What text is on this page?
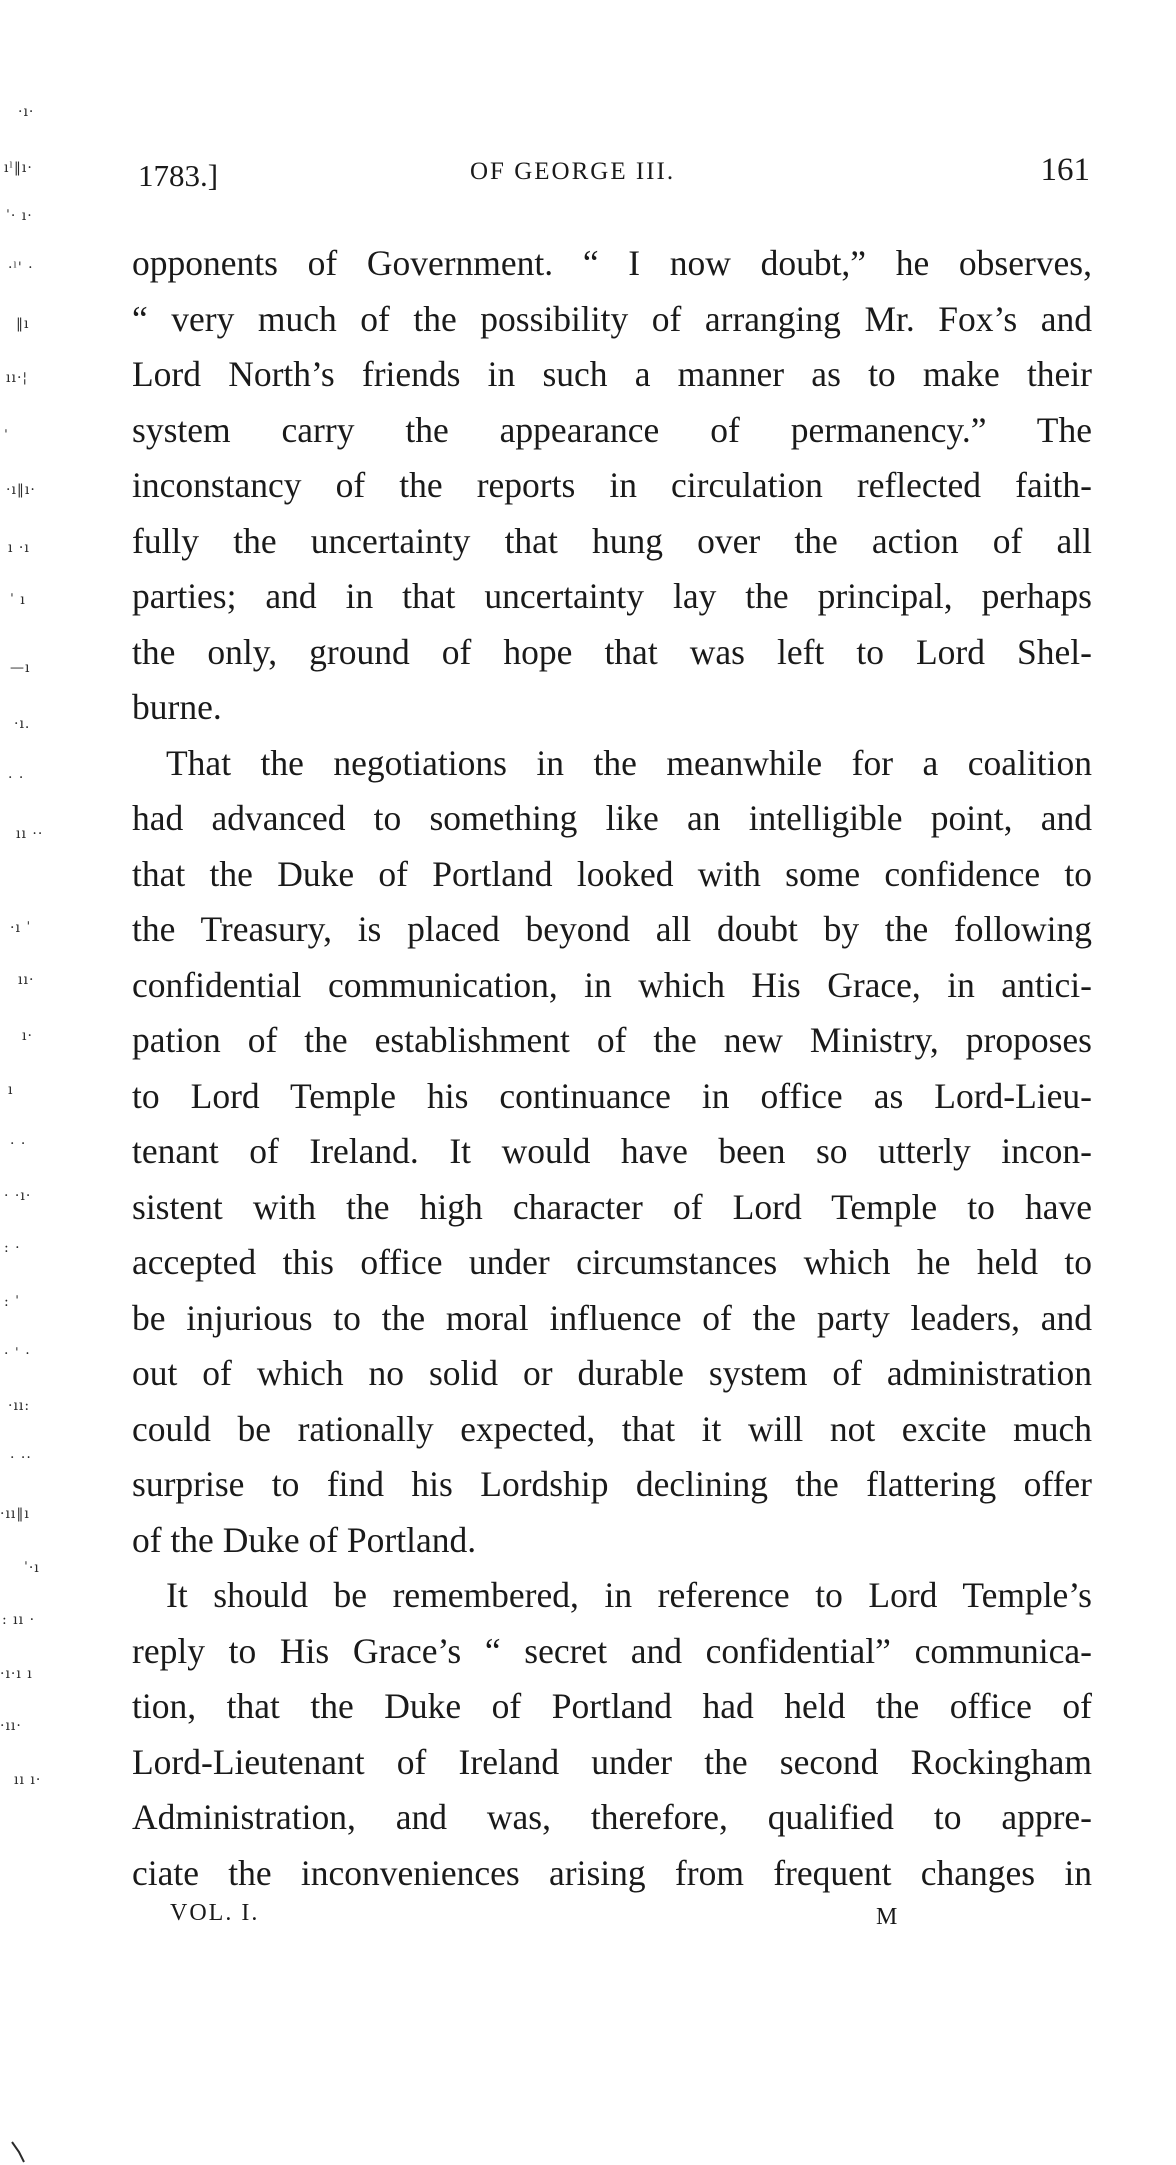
·ı·
ıˡ‖ı·
ˈ· ı·
·ˡ' ·
‖ı
ıı·¦
ˈ
·ı‖ı·
ı ·ı
ˈ ı
—ı
·ı.
· ·
ıı ··
·ı ˈ
ıı·
ı·
ı
· ·
· ·ı·
: ·
: ˈ
· ˈ ·
·ıı:
· ··
·ıı‖ı
ˈ·ı
: ıı ·
·ı·ı ı
·ıı·
ıı ı·
1783.]	OF GEORGE III.	161
opponents of Government. “ I now doubt,” he observes,
“ very much of the possibility of arranging Mr. Fox’s and
Lord North’s friends in such a manner as to make their
system carry the appearance of permanency.” The
inconstancy of the reports in circulation reflected faith-
fully the uncertainty that hung over the action of all
parties; and in that uncertainty lay the principal, perhaps
the only, ground of hope that was left to Lord Shel-
burne.
That the negotiations in the meanwhile for a coalition
had advanced to something like an intelligible point, and
that the Duke of Portland looked with some confidence to
the Treasury, is placed beyond all doubt by the following
confidential communication, in which His Grace, in antici-
pation of the establishment of the new Ministry, proposes
to Lord Temple his continuance in office as Lord-Lieu-
tenant of Ireland. It would have been so utterly incon-
sistent with the high character of Lord Temple to have
accepted this office under circumstances which he held to
be injurious to the moral influence of the party leaders, and
out of which no solid or durable system of administration
could be rationally expected, that it will not excite much
surprise to find his Lordship declining the flattering offer
of the Duke of Portland.
It should be remembered, in reference to Lord Temple’s
reply to His Grace’s “ secret and confidential” communica-
tion, that the Duke of Portland had held the office of
Lord-Lieutenant of Ireland under the second Rockingham
Administration, and was, therefore, qualified to appre-
ciate the inconveniences arising from frequent changes in
VOL. I.	M
